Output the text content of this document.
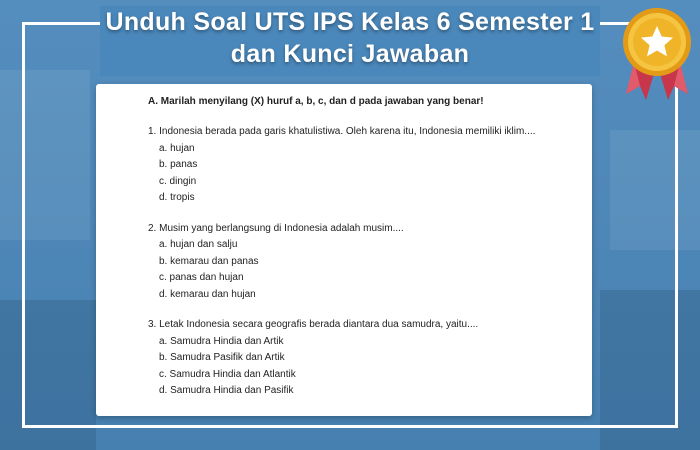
Unduh Soal UTS IPS Kelas 6 Semester 1
dan Kunci Jawaban
A. Marilah menyilang (X) huruf a, b, c, dan d pada jawaban yang benar!
1. Indonesia berada pada garis khatulistiwa. Oleh karena itu, Indonesia memiliki iklim....
a. hujan
b. panas
c. dingin
d. tropis
2. Musim yang berlangsung di Indonesia adalah musim....
a. hujan dan salju
b. kemarau dan panas
c. panas dan hujan
d. kemarau dan hujan
3. Letak Indonesia secara geografis berada diantara dua samudra, yaitu....
a. Samudra Hindia dan Artik
b. Samudra Pasifik dan Artik
c. Samudra Hindia dan Atlantik
d. Samudra Hindia dan Pasifik
